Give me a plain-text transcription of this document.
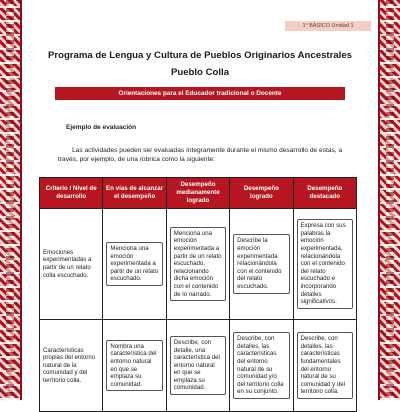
1° BÁSICO Unidad 1
Programa de Lengua y Cultura de Pueblos Originarios Ancestrales
Pueblo Colla
Orientaciones para el Educador tradicional o Docente
Ejemplo de evaluación
Las actividades pueden ser evaluadas íntegramente durante el mismo desarrollo de estas, a través, por ejemplo, de una rúbrica como la siguiente:
Criterio / Nivel de desarrollo	En vías de alcanzar el desempeño	Desempeño medianamente logrado	Desempeño logrado	Desempeño destacado

Emociones experimentadas a partir de un relato colla escuchado.	Menciona una emoción experimentada a partir de un relato escuchado.	Menciona una emoción experimentada a partir de un relato escuchado, relacionando dicha emoción con el contenido de lo narrado.	Describe la emoción experimentada relacionándola con el contenido del relato escuchado.	Expresa con sus palabras la emoción experimentada, relacionándola con el contenido del relato escuchado e incorporando detalles significativos.

Características propias del entorno natural de la comunidad y del territorio colla.	Nombra una característica del entorno natural en que se emplaza su comunidad.	Describe, con detalle, una característica del entorno natural en que se emplaza su comunidad.	Describe, con detalles, las características del entorno natural de su comunidad y/o del territorio colla en su conjunto.	Describe, con detalles, las características fundamentales del entorno natural de su comunidad y del territorio colla.
